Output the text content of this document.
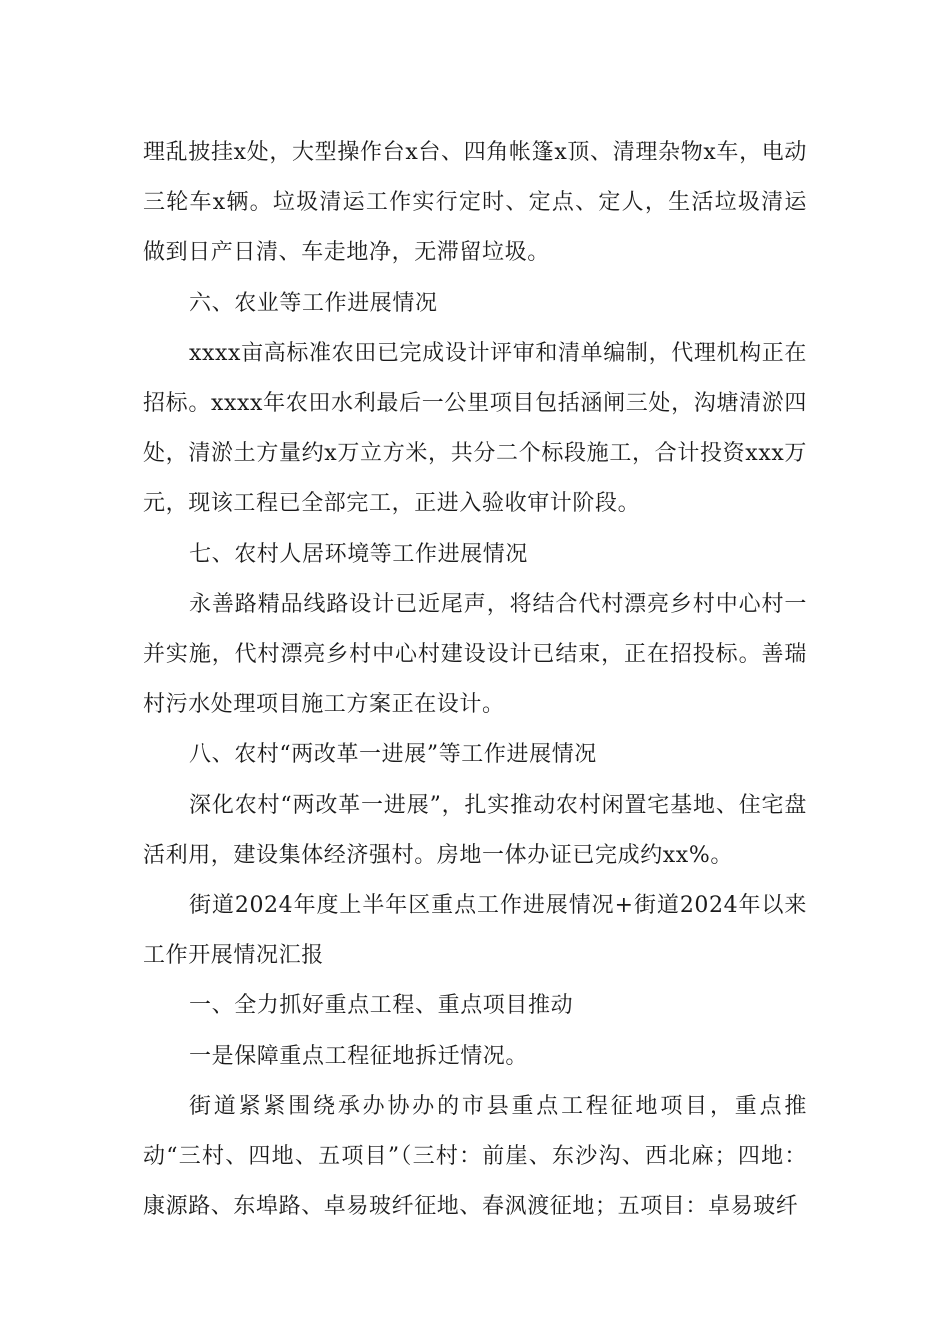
理乱披挂x处，大型操作台x台、四角帐篷x顶、清理杂物x车，电动三轮车x辆。垃圾清运工作实行定时、定点、定人，生活垃圾清运做到日产日清、车走地净，无滞留垃圾。

六、农业等工作进展情况

xxxx亩高标准农田已完成设计评审和清单编制，代理机构正在招标。xxxx年农田水利最后一公里项目包括涵闸三处，沟塘清淤四处，清淤土方量约x万立方米，共分二个标段施工，合计投资xxx万元，现该工程已全部完工，正进入验收审计阶段。

七、农村人居环境等工作进展情况

永善路精品线路设计已近尾声，将结合代村漂亮乡村中心村一并实施，代村漂亮乡村中心村建设设计已结束，正在招投标。善瑞村污水处理项目施工方案正在设计。

八、农村“两改革一进展”等工作进展情况

深化农村“两改革一进展”，扎实推动农村闲置宅基地、住宅盘活利用，建设集体经济强村。房地一体办证已完成约xx%。

街道2024年度上半年区重点工作进展情况+街道2024年以来工作开展情况汇报

一、全力抓好重点工程、重点项目推动

一是保障重点工程征地拆迁情况。

街道紧紧围绕承办协办的市县重点工程征地项目，重点推动“三村、四地、五项目”（三村：前崖、东沙沟、西北麻；四地：康源路、东埠路、卓易玻纤征地、春沨渡征地；五项目：卓易玻纤
